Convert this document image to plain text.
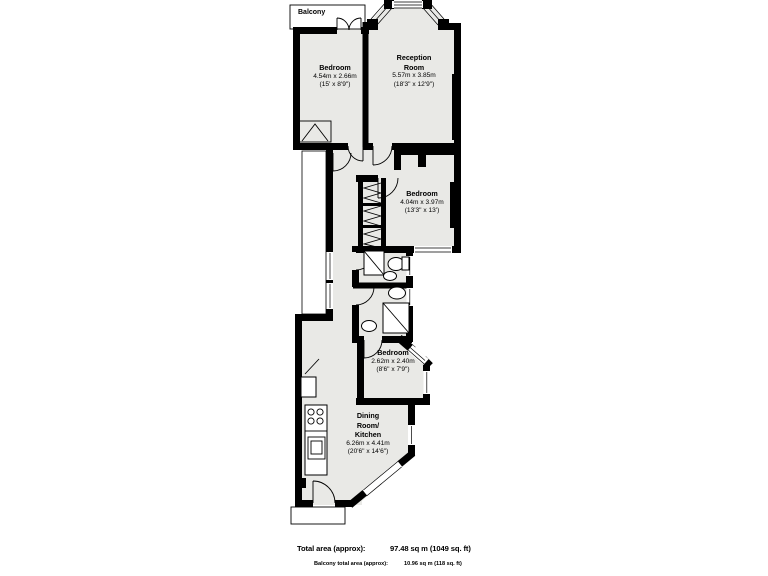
Balcony
Bedroom
4.54m x 2.66m
(15' x 8'9")
Reception Room
5.57m x 3.85m
(18'3" x 12'9")
Bedroom
4.04m x 3.97m
(13'3" x 13')
Bedroom
2.62m x 2.40m
(8'6" x 7'9")
Dining Room/ Kitchen
6.26m x 4.41m
(20'6" x 14'6")
Total area (approx):	97.48 sq m (1049 sq. ft)
Balcony total area (approx):	10.96 sq m (118 sq. ft)
